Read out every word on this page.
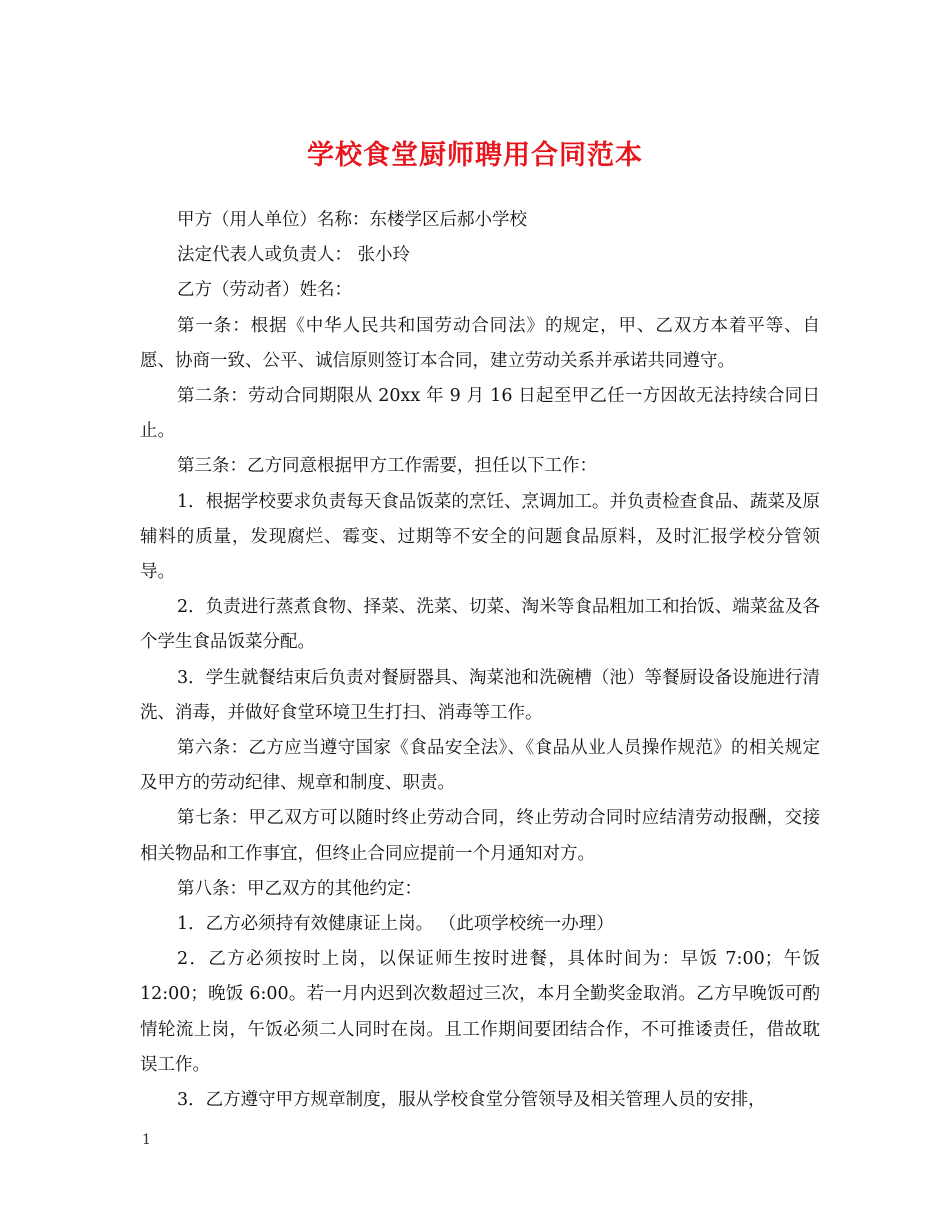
学校食堂厨师聘用合同范本

甲方（用人单位）名称：东楼学区后郝小学校

法定代表人或负责人： 张小玲

乙方（劳动者）姓名：

第一条：根据《中华人民共和国劳动合同法》的规定，甲、乙双方本着平等、自愿、协商一致、公平、诚信原则签订本合同，建立劳动关系并承诺共同遵守。

第二条：劳动合同期限从 20xx 年 9 月 16 日起至甲乙任一方因故无法持续合同日止。

第三条：乙方同意根据甲方工作需要，担任以下工作：

1．根据学校要求负责每天食品饭菜的烹饪、烹调加工。并负责检查食品、蔬菜及原辅料的质量，发现腐烂、霉变、过期等不安全的问题食品原料，及时汇报学校分管领导。

2．负责进行蒸煮食物、择菜、洗菜、切菜、淘米等食品粗加工和抬饭、端菜盆及各个学生食品饭菜分配。

3．学生就餐结束后负责对餐厨器具、淘菜池和洗碗槽（池）等餐厨设备设施进行清洗、消毒，并做好食堂环境卫生打扫、消毒等工作。

第六条：乙方应当遵守国家《食品安全法》、《食品从业人员操作规范》的相关规定及甲方的劳动纪律、规章和制度、职责。

第七条：甲乙双方可以随时终止劳动合同，终止劳动合同时应结清劳动报酬，交接相关物品和工作事宜，但终止合同应提前一个月通知对方。

第八条：甲乙双方的其他约定：

1．乙方必须持有效健康证上岗。 （此项学校统一办理）

2．乙方必须按时上岗，以保证师生按时进餐，具体时间为：早饭 7:00；午饭 12:00；晚饭 6:00。若一月内迟到次数超过三次，本月全勤奖金取消。乙方早晚饭可酌情轮流上岗，午饭必须二人同时在岗。且工作期间要团结合作，不可推诿责任，借故耽误工作。

3．乙方遵守甲方规章制度，服从学校食堂分管领导及相关管理人员的安排，

1
